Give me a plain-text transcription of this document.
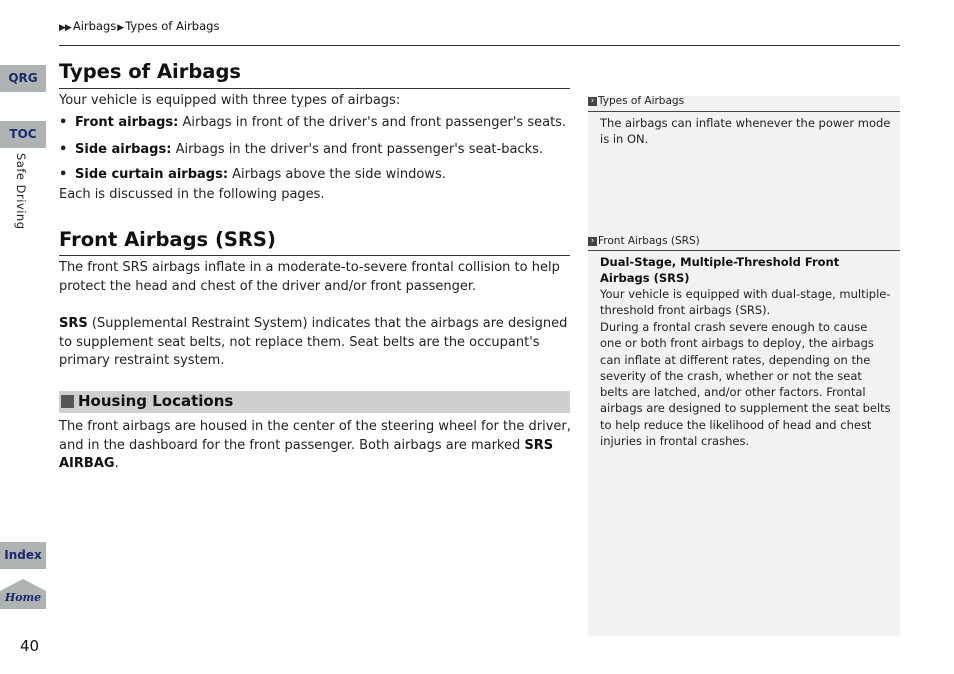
▶▶ Airbags▶Types of Airbags
QRG
TOC
Safe Driving
Index
Home
40
Types of Airbags
Your vehicle is equipped with three types of airbags:
• Front airbags: Airbags in front of the driver's and front passenger's seats.
• Side airbags: Airbags in the driver's and front passenger's seat-backs.
• Side curtain airbags: Airbags above the side windows.
Each is discussed in the following pages.
Front Airbags (SRS)
The front SRS airbags inflate in a moderate-to-severe frontal collision to help protect the head and chest of the driver and/or front passenger.
SRS (Supplemental Restraint System) indicates that the airbags are designed to supplement seat belts, not replace them. Seat belts are the occupant's primary restraint system.
Housing Locations
The front airbags are housed in the center of the steering wheel for the driver, and in the dashboard for the front passenger. Both airbags are marked SRS AIRBAG.
› Types of Airbags
The airbags can inflate whenever the power mode is in ON.
› Front Airbags (SRS)
Dual-Stage, Multiple-Threshold Front Airbags (SRS)
Your vehicle is equipped with dual-stage, multiple-threshold front airbags (SRS).
During a frontal crash severe enough to cause one or both front airbags to deploy, the airbags can inflate at different rates, depending on the severity of the crash, whether or not the seat belts are latched, and/or other factors. Frontal airbags are designed to supplement the seat belts to help reduce the likelihood of head and chest injuries in frontal crashes.
